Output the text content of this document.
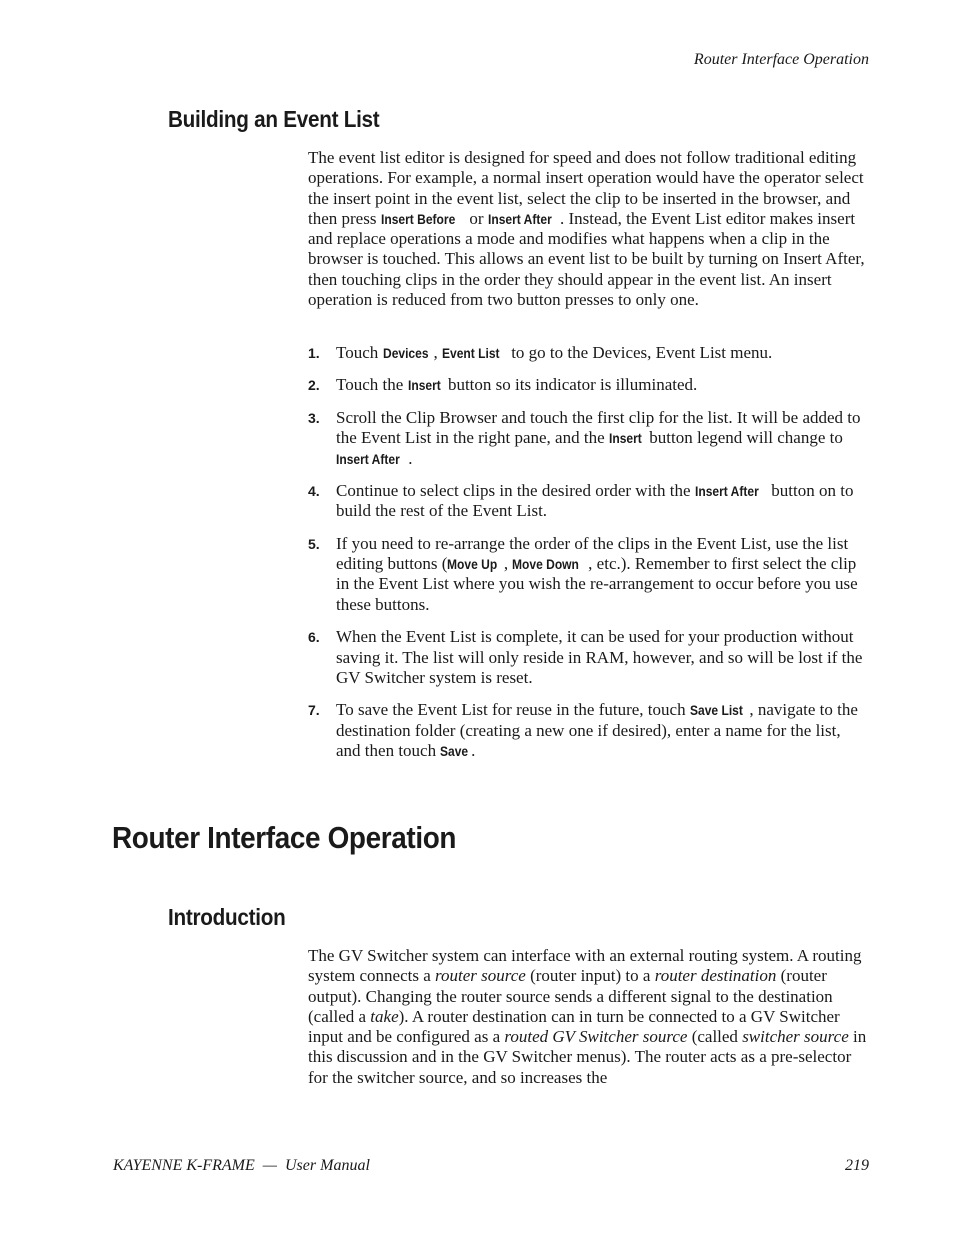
Router Interface Operation
Building an Event List

The event list editor is designed for speed and does not follow traditional editing operations. For example, a normal insert operation would have the operator select the insert point in the event list, select the clip to be inserted in the browser, and then press Insert Before or Insert After . Instead, the Event List editor makes insert and replace operations a mode and modifies what happens when a clip in the browser is touched. This allows an event list to be built by turning on Insert After, then touching clips in the order they should appear in the event list. An insert operation is reduced from two button presses to only one.

1. Touch Devices , Event List to go to the Devices, Event List menu.
2. Touch the Insert button so its indicator is illuminated.
3. Scroll the Clip Browser and touch the first clip for the list. It will be added to the Event List in the right pane, and the Insert button legend will change to Insert After .
4. Continue to select clips in the desired order with the Insert After button on to build the rest of the Event List.
5. If you need to re-arrange the order of the clips in the Event List, use the list editing buttons (Move Up , Move Down , etc.). Remember to first select the clip in the Event List where you wish the re-arrangement to occur before you use these buttons.
6. When the Event List is complete, it can be used for your production without saving it. The list will only reside in RAM, however, and so will be lost if the GV Switcher system is reset.
7. To save the Event List for reuse in the future, touch Save List , navigate to the destination folder (creating a new one if desired), enter a name for the list, and then touch Save .
Router Interface Operation
Introduction

The GV Switcher system can interface with an external routing system. A routing system connects a router source (router input) to a router destination (router output). Changing the router source sends a different signal to the destination (called a take). A router destination can in turn be connected to a GV Switcher input and be configured as a routed GV Switcher source (called switcher source in this discussion and in the GV Switcher menus). The router acts as a pre-selector for the switcher source, and so increases the

KAYENNE K-FRAME  —  User Manual	219
